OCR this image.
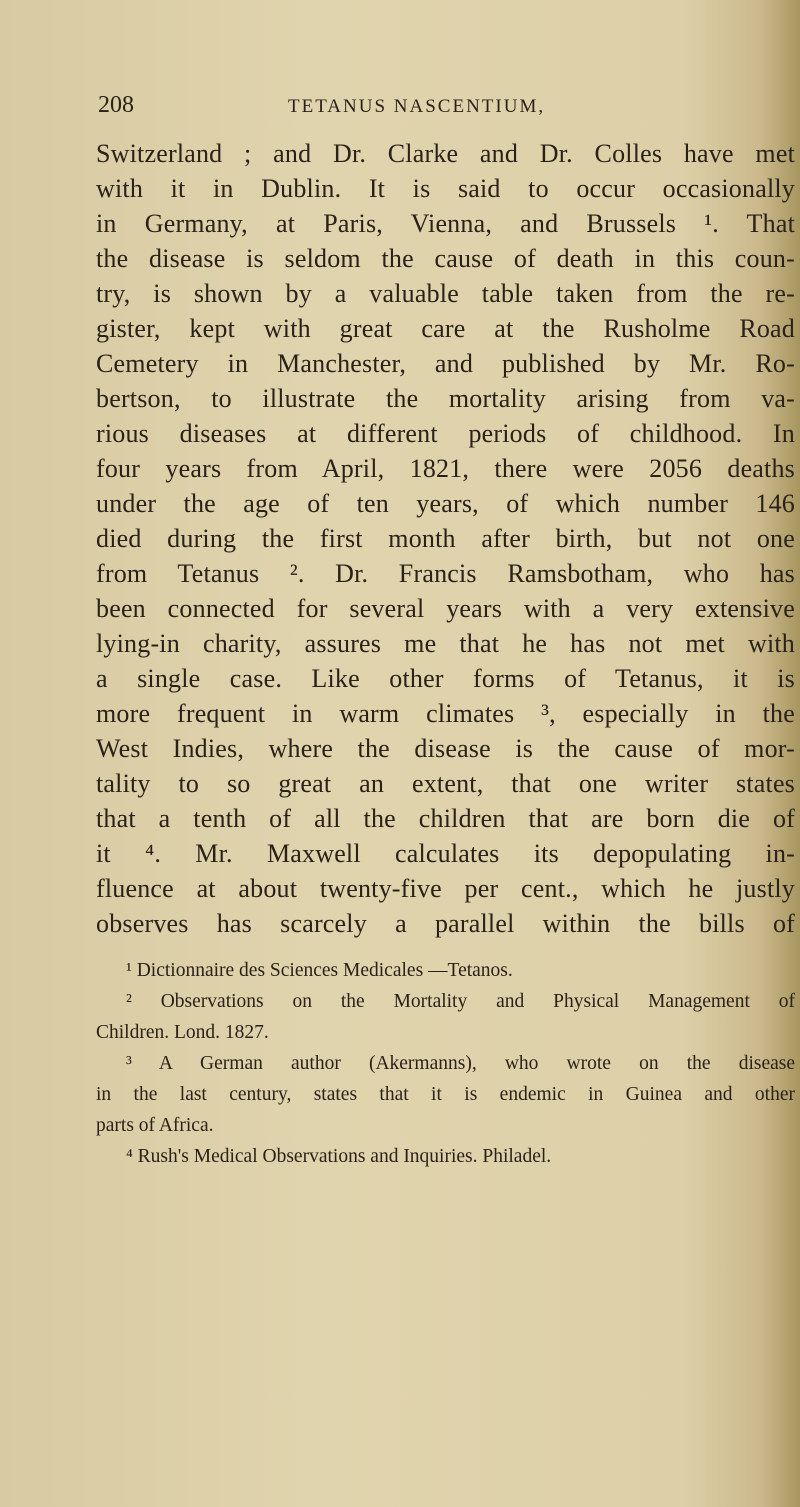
208	TETANUS NASCENTIUM,
Switzerland ; and Dr. Clarke and Dr. Colles have met
with it in Dublin. It is said to occur occasionally
in Germany, at Paris, Vienna, and Brussels ¹. That
the disease is seldom the cause of death in this coun-
try, is shown by a valuable table taken from the re-
gister, kept with great care at the Rusholme Road
Cemetery in Manchester, and published by Mr. Ro-
bertson, to illustrate the mortality arising from va-
rious diseases at different periods of childhood. In
four years from April, 1821, there were 2056 deaths
under the age of ten years, of which number 146
died during the first month after birth, but not one
from Tetanus ². Dr. Francis Ramsbotham, who has
been connected for several years with a very extensive
lying-in charity, assures me that he has not met with
a single case. Like other forms of Tetanus, it is
more frequent in warm climates ³, especially in the
West Indies, where the disease is the cause of mor-
tality to so great an extent, that one writer states
that a tenth of all the children that are born die of
it ⁴. Mr. Maxwell calculates its depopulating in-
fluence at about twenty-five per cent., which he justly
observes has scarcely a parallel within the bills of
¹ Dictionnaire des Sciences Medicales —Tetanos.
² Observations on the Mortality and Physical Management of
Children. Lond. 1827.
³ A German author (Akermanns), who wrote on the disease
in the last century, states that it is endemic in Guinea and other
parts of Africa.
⁴ Rush's Medical Observations and Inquiries. Philadel.
